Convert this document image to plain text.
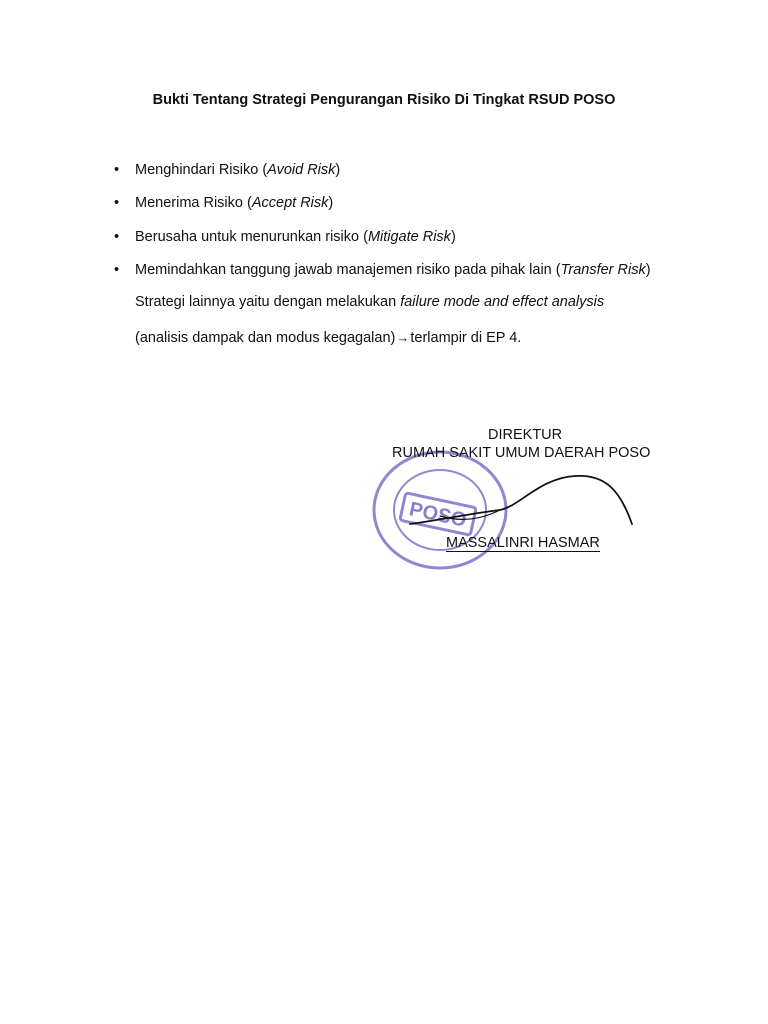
Bukti Tentang Strategi Pengurangan Risiko Di Tingkat RSUD POSO
• Menghindari Risiko (Avoid Risk)
• Menerima Risiko (Accept Risk)
• Berusaha untuk menurunkan risiko (Mitigate Risk)
• Memindahkan tanggung jawab manajemen risiko pada pihak lain (Transfer Risk)
Strategi lainnya yaitu dengan melakukan failure mode and effect analysis
(analisis dampak dan modus kegagalan)→terlampir di EP 4.
POSO
DIREKTUR
RUMAH SAKIT UMUM DAERAH POSO
MASSALINRI HASMAR
